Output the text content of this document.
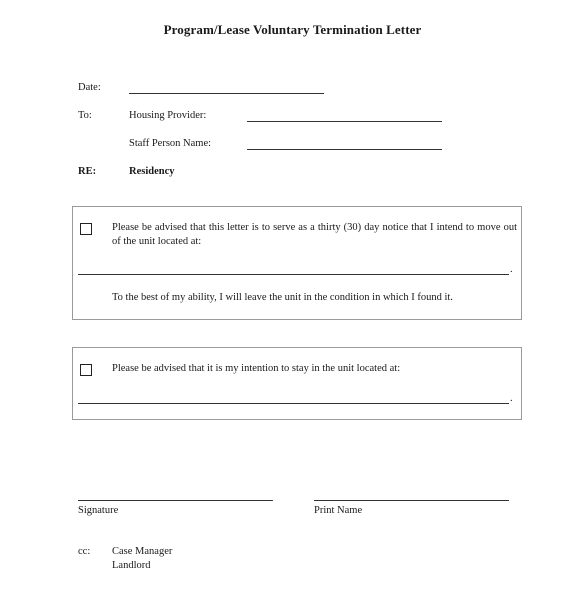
Program/Lease Voluntary Termination Letter
Date:
To:	Housing Provider:
Staff Person Name:
RE:	Residency
Please be advised that this letter is to serve as a thirty (30) day notice that I intend to move out of the unit located at:
.
To the best of my ability, I will leave the unit in the condition in which I found it.
Please be advised that it is my intention to stay in the unit located at:
.
Signature	Print Name
cc: Case Manager
Landlord
